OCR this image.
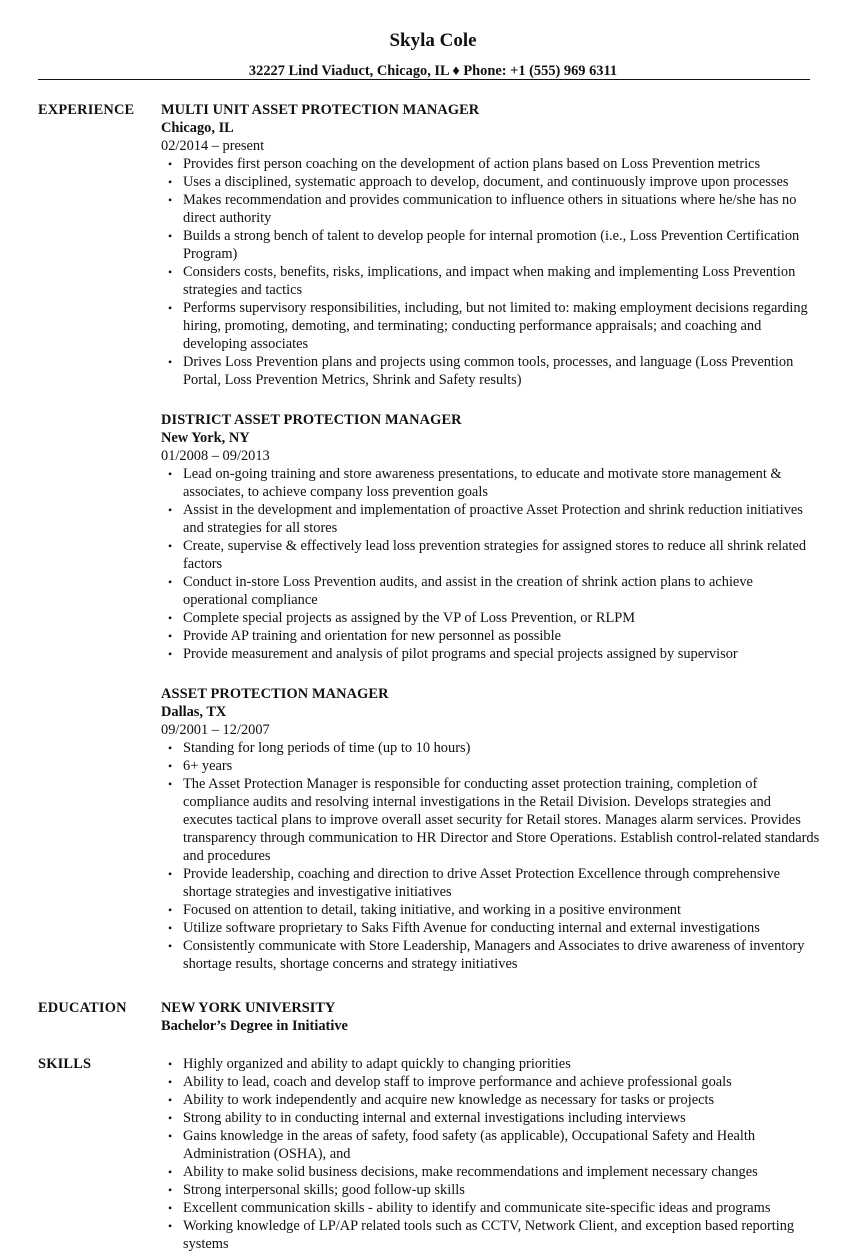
Skyla Cole
32227 Lind Viaduct, Chicago, IL ♦ Phone: +1 (555) 969 6311
EXPERIENCE MULTI UNIT ASSET PROTECTION MANAGER
Chicago, IL
02/2014 – present
• Provides first person coaching on the development of action plans based on Loss Prevention metrics
• Uses a disciplined, systematic approach to develop, document, and continuously improve upon processes
• Makes recommendation and provides communication to influence others in situations where he/she has no direct authority
• Builds a strong bench of talent to develop people for internal promotion (i.e., Loss Prevention Certification Program)
• Considers costs, benefits, risks, implications, and impact when making and implementing Loss Prevention strategies and tactics
• Performs supervisory responsibilities, including, but not limited to: making employment decisions regarding hiring, promoting, demoting, and terminating; conducting performance appraisals; and coaching and developing associates
• Drives Loss Prevention plans and projects using common tools, processes, and language (Loss Prevention Portal, Loss Prevention Metrics, Shrink and Safety results)
DISTRICT ASSET PROTECTION MANAGER
New York, NY
01/2008 – 09/2013
• Lead on-going training and store awareness presentations, to educate and motivate store management & associates, to achieve company loss prevention goals
• Assist in the development and implementation of proactive Asset Protection and shrink reduction initiatives and strategies for all stores
• Create, supervise & effectively lead loss prevention strategies for assigned stores to reduce all shrink related factors
• Conduct in-store Loss Prevention audits, and assist in the creation of shrink action plans to achieve operational compliance
• Complete special projects as assigned by the VP of Loss Prevention, or RLPM
• Provide AP training and orientation for new personnel as possible
• Provide measurement and analysis of pilot programs and special projects assigned by supervisor
ASSET PROTECTION MANAGER
Dallas, TX
09/2001 – 12/2007
• Standing for long periods of time (up to 10 hours)
• 6+ years
• The Asset Protection Manager is responsible for conducting asset protection training, completion of compliance audits and resolving internal investigations in the Retail Division. Develops strategies and executes tactical plans to improve overall asset security for Retail stores. Manages alarm services. Provides transparency through communication to HR Director and Store Operations. Establish control-related standards and procedures
• Provide leadership, coaching and direction to drive Asset Protection Excellence through comprehensive shortage strategies and investigative initiatives
• Focused on attention to detail, taking initiative, and working in a positive environment
• Utilize software proprietary to Saks Fifth Avenue for conducting internal and external investigations
• Consistently communicate with Store Leadership, Managers and Associates to drive awareness of inventory shortage results, shortage concerns and strategy initiatives
EDUCATION NEW YORK UNIVERSITY
Bachelor’s Degree in Initiative
SKILLS
•	Highly organized and ability to adapt quickly to changing priorities
• Ability to lead, coach and develop staff to improve performance and achieve professional goals
• Ability to work independently and acquire new knowledge as necessary for tasks or projects
• Strong ability to in conducting internal and external investigations including interviews
• Gains knowledge in the areas of safety, food safety (as applicable), Occupational Safety and Health Administration (OSHA), and
• Ability to make solid business decisions, make recommendations and implement necessary changes
• Strong interpersonal skills; good follow-up skills
• Excellent communication skills - ability to identify and communicate site-specific ideas and programs
• Working knowledge of LP/AP related tools such as CCTV, Network Client, and exception based reporting systems
